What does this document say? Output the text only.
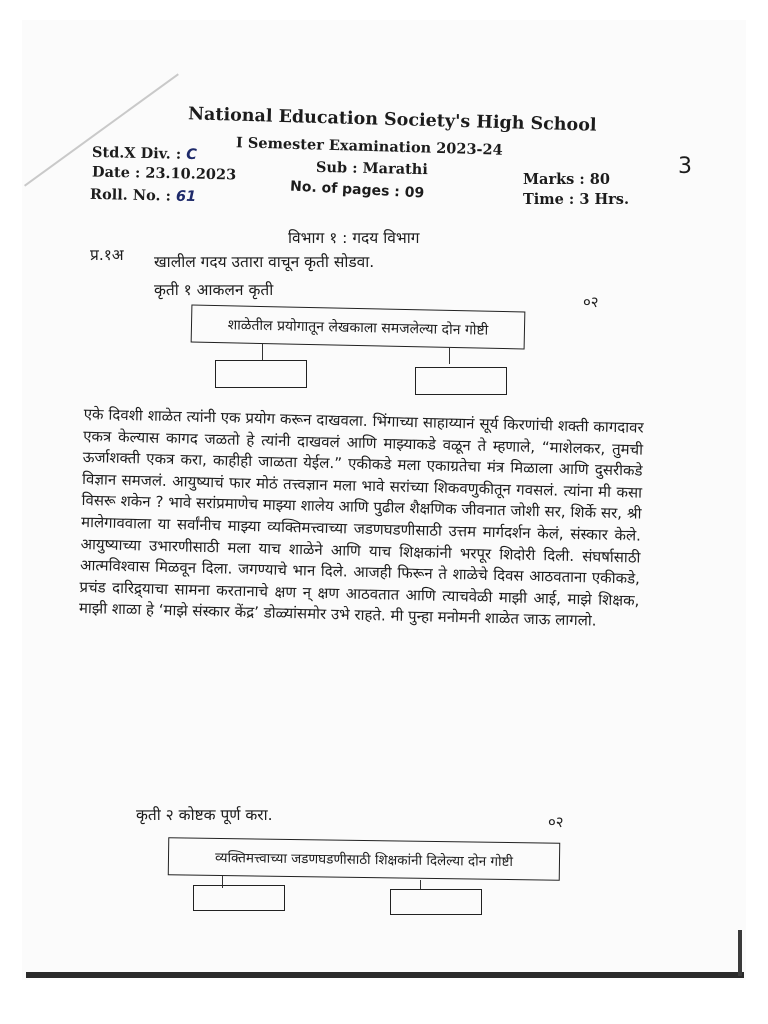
National Education Society's High School
I Semester Examination 2023-24
Sub : Marathi
Std.X Div. : C
Date : 23.10.2023
Roll. No. : 61	No. of pages : 09	Marks : 80
Time : 3 Hrs.
3
विभाग १ : गदय विभाग
प्र.१अ खालील गदय उतारा वाचून कृती सोडवा.
कृती १ आकलन कृती
०२
शाळेतील प्रयोगातून लेखकाला समजलेल्या दोन गोष्टी
एके दिवशी शाळेत त्यांनी एक प्रयोग करून दाखवला. भिंगाच्या साहाय्यानं सूर्य किरणांची शक्ती कागदावर एकत्र केल्यास कागद जळतो हे त्यांनी दाखवलं आणि माझ्याकडे वळून ते म्हणाले, “माशेलकर, तुमची ऊर्जाशक्ती एकत्र करा, काहीही जाळता येईल.” एकीकडे मला एकाग्रतेचा मंत्र मिळाला आणि दुसरीकडे विज्ञान समजलं. आयुष्याचं फार मोठं तत्त्वज्ञान मला भावे सरांच्या शिकवणुकीतून गवसलं. त्यांना मी कसा विसरू शकेन ? भावे सरांप्रमाणेच माझ्या शालेय आणि पुढील शैक्षणिक जीवनात जोशी सर, शिर्के सर, श्री मालेगाववाला या सर्वांनीच माझ्या व्यक्तिमत्त्वाच्या जडणघडणीसाठी उत्तम मार्गदर्शन केलं, संस्कार केले. आयुष्याच्या उभारणीसाठी मला याच शाळेने आणि याच शिक्षकांनी भरपूर शिदोरी दिली. संघर्षासाठी आत्मविश्वास मिळवून दिला. जगण्याचे भान दिले. आजही फिरून ते शाळेचे दिवस आठवताना एकीकडे, प्रचंड दारिद्र्याचा सामना करतानाचे क्षण न् क्षण आठवतात आणि त्याचवेळी माझी आई, माझे शिक्षक, माझी शाळा हे ‘माझे संस्कार केंद्र’ डोळ्यांसमोर उभे राहते. मी पुन्हा मनोमनी शाळेत जाऊ लागलो.
कृती २ कोष्टक पूर्ण करा.	०२
व्यक्तिमत्त्वाच्या जडणघडणीसाठी शिक्षकांनी दिलेल्या दोन गोष्टी
